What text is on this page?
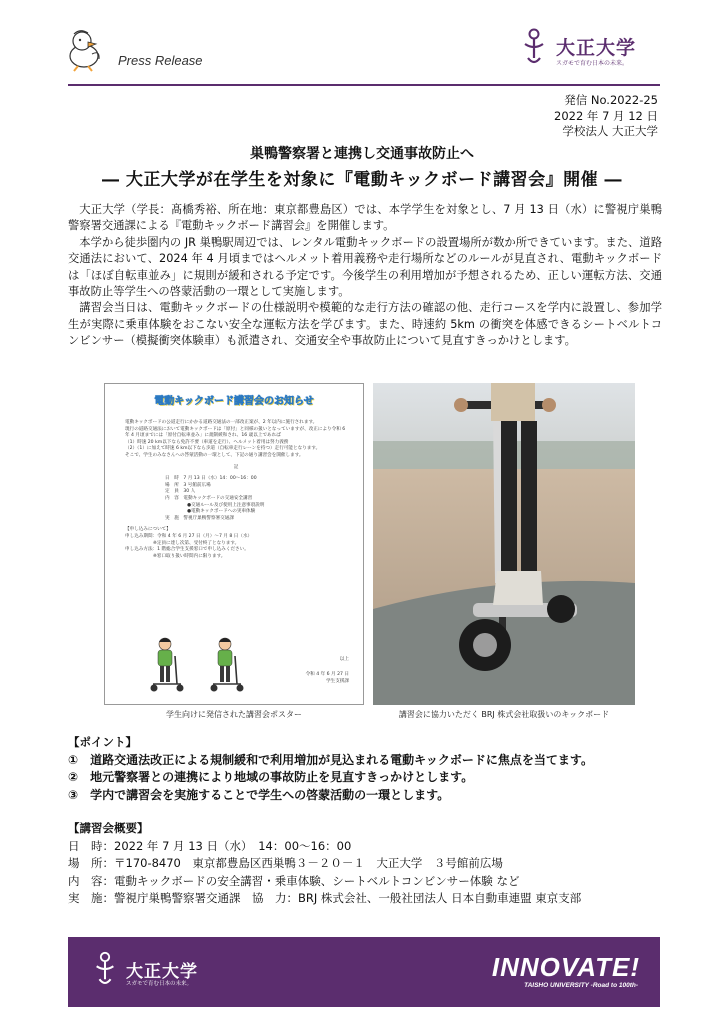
Press Release
大正大学
スガモで育む日本の未来。
発信 No.2022-25
2022 年 7 月 12 日
学校法人 大正大学
巣鴨警察署と連携し交通事故防止へ
― 大正大学が在学生を対象に『電動キックボード講習会』開催 ―

大正大学（学長：髙橋秀裕、所在地：東京都豊島区）では、本学学生を対象とし、7 月 13 日（水）に警視庁巣鴨警察署交通課による『電動キックボード講習会』を開催します。

本学から徒歩圏内の JR 巣鴨駅周辺では、レンタル電動キックボードの設置場所が数か所できています。また、道路交通法において、2024 年 4 月頃まではヘルメット着用義務や走行場所などのルールが見直され、電動キックボードは「ほぼ自転車並み」に規則が緩和される予定です。今後学生の利用増加が予想されるため、正しい運転方法、交通事故防止等学生への啓蒙活動の一環として実施します。

講習会当日は、電動キックボードの仕様説明や模範的な走行方法の確認の他、走行コースを学内に設置し、参加学生が実際に乗車体験をおこない安全な運転方法を学びます。また、時速約 5km の衝突を体感できるシートベルトコンビンサー（模擬衝突体験車）も派遣され、交通安全や事故防止について見直すきっかけとします。

電動キックボード講習会のお知らせ
電動キックボードの公道走行にかかる道路交通法の一部改正案が、2 年以内に施行されます。
現行の道路交通法において電動キックボードは「原付」と同様の扱いとなっていますが、改正により令和 6 年 4 月頃までには「原付自転車並み」に規制緩和され、16 歳以上であれば
（1）時速 20 km以下なら免許不要（車道を走行）、ヘルメット着用は努力義務
（2）（1）に加えて時速 6 km以下なら歩道（自転車走行レーンを持つ）走行可能となります。
そこで、学生のみなさんへの啓蒙活動の一環として、下記の通り講習会を開催します。
記
日　時　7 月 13 日（水）14：00～16：00
場　所　3 号館前広場
定　員　30 人
内　容　電動キックボードの交通安全講習
●交通ルール及び使用上注意事項説明
●電動キックボードへの実車体験
実　施　警視庁巣鴨警察署交通課
【申し込みについて】
申し込み期間：令和 4 年 6 月 27 日（月）～7 月 8 日（水）
※定員に達し次第、受付終了となります。
申し込み方法：1 階総合学生支援窓口で申し込みください。
※窓口取り扱い時間内に限ります。
以上
令和 4 年 6 月 27 日
学生支援課
学生向けに発信された講習会ポスター	講習会に協力いただく BRJ 株式会社取扱いのキックボード
【ポイント】
①　道路交通法改正による規制緩和で利用増加が見込まれる電動キックボードに焦点を当てます。
②　地元警察署との連携により地域の事故防止を見直すきっかけとします。
③　学内で講習会を実施することで学生への啓蒙活動の一環とします。
【講習会概要】
日　時：2022 年 7 月 13 日（水）　14：00～16：00
場　所：〒170-8470　東京都豊島区西巣鴨３－２０－１　大正大学　３号館前広場
内　容：電動キックボードの安全講習・乗車体験、シートベルトコンビンサー体験 など
実　施：警視庁巣鴨警察署交通課　協　力：BRJ 株式会社、一般社団法人 日本自動車連盟 東京支部
大正大学
スガモで育む日本の未来。
INNOVATE!
TAISHO UNIVERSITY -Road to 100th-
